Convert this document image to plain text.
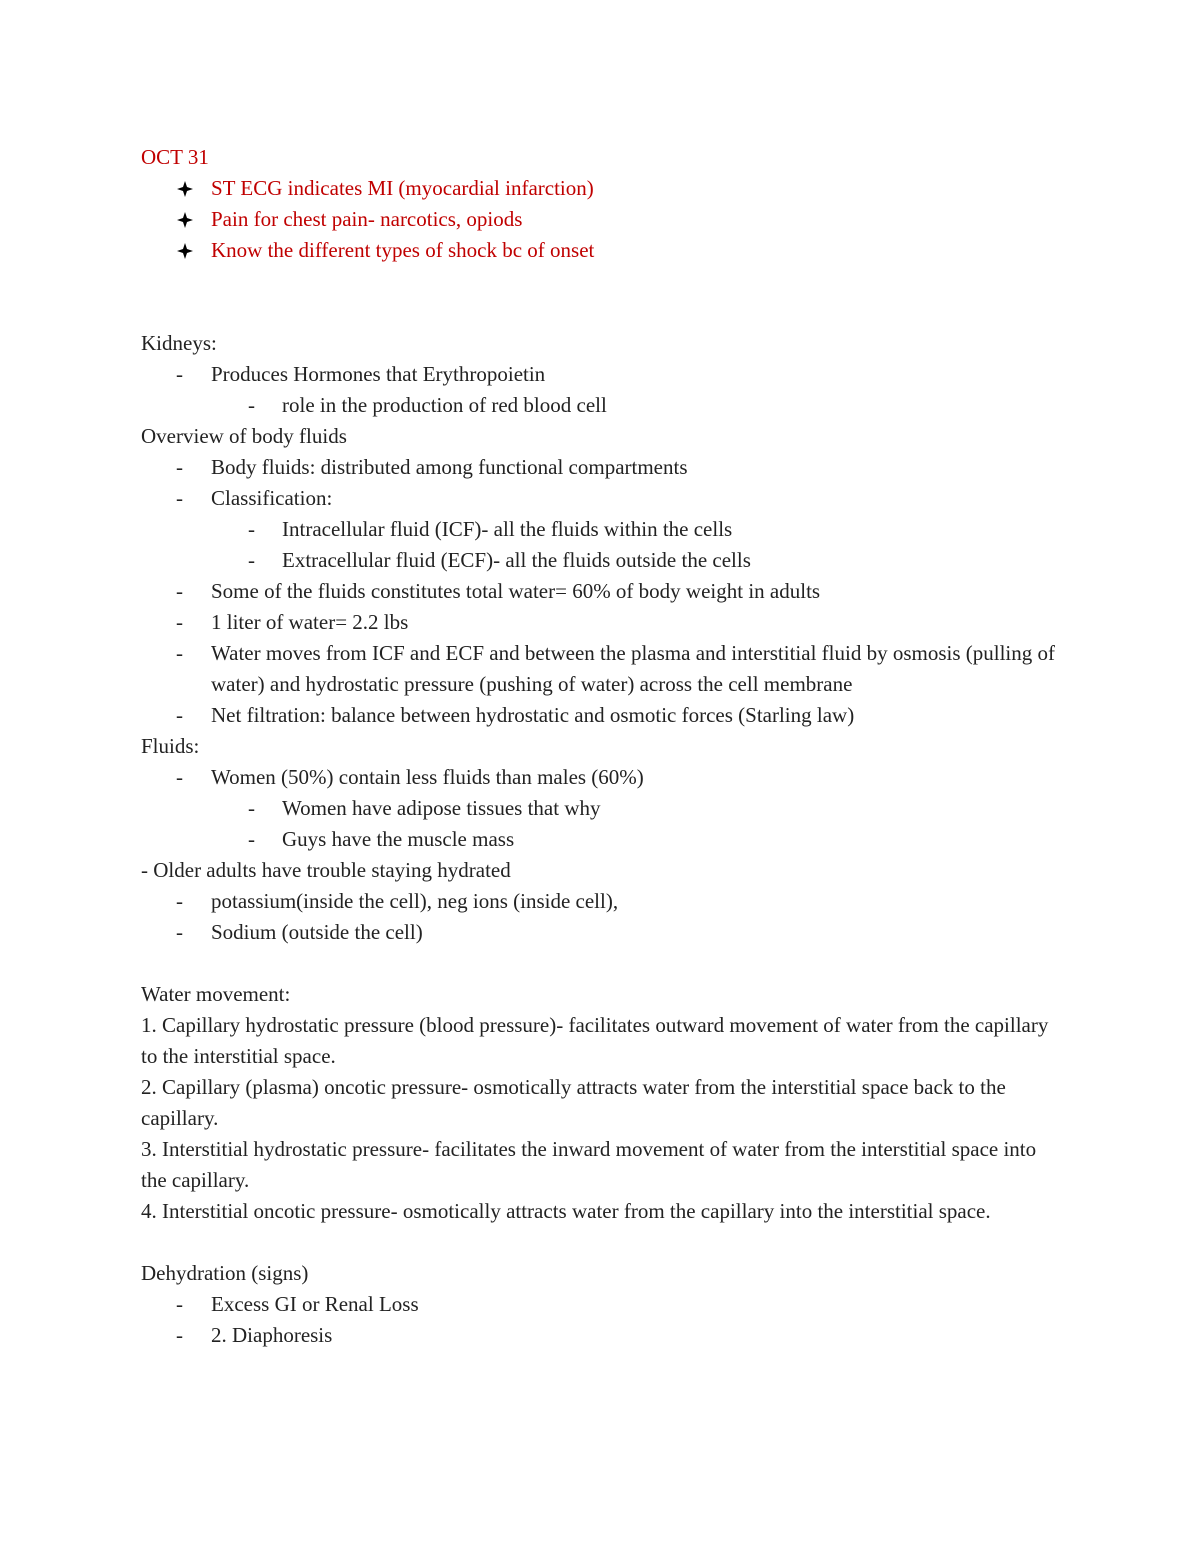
OCT 31
ST ECG indicates MI (myocardial infarction)
Pain for chest pain- narcotics, opiods
Know the different types of shock bc of onset
Kidneys:
- Produces Hormones that Erythropoietin
- role in the production of red blood cell
Overview of body fluids
- Body fluids: distributed among functional compartments
- Classification:
- Intracellular fluid (ICF)- all the fluids within the cells
- Extracellular fluid (ECF)- all the fluids outside the cells
- Some of the fluids constitutes total water= 60% of body weight in adults
- 1 liter of water= 2.2 lbs
- Water moves from ICF and ECF and between the plasma and interstitial fluid by osmosis (pulling of water) and hydrostatic pressure (pushing of water) across the cell membrane
- Net filtration: balance between hydrostatic and osmotic forces (Starling law)
Fluids:
- Women (50%) contain less fluids than males (60%)
- Women have adipose tissues that why
- Guys have the muscle mass
- Older adults have trouble staying hydrated
- potassium(inside the cell), neg ions (inside cell),
- Sodium (outside the cell)
Water movement:
1. Capillary hydrostatic pressure (blood pressure)- facilitates outward movement of water from the capillary to the interstitial space.
2. Capillary (plasma) oncotic pressure- osmotically attracts water from the interstitial space back to the capillary.
3. Interstitial hydrostatic pressure- facilitates the inward movement of water from the interstitial space into the capillary.
4. Interstitial oncotic pressure- osmotically attracts water from the capillary into the interstitial space.
Dehydration (signs)
- Excess GI or Renal Loss
- 2. Diaphoresis
